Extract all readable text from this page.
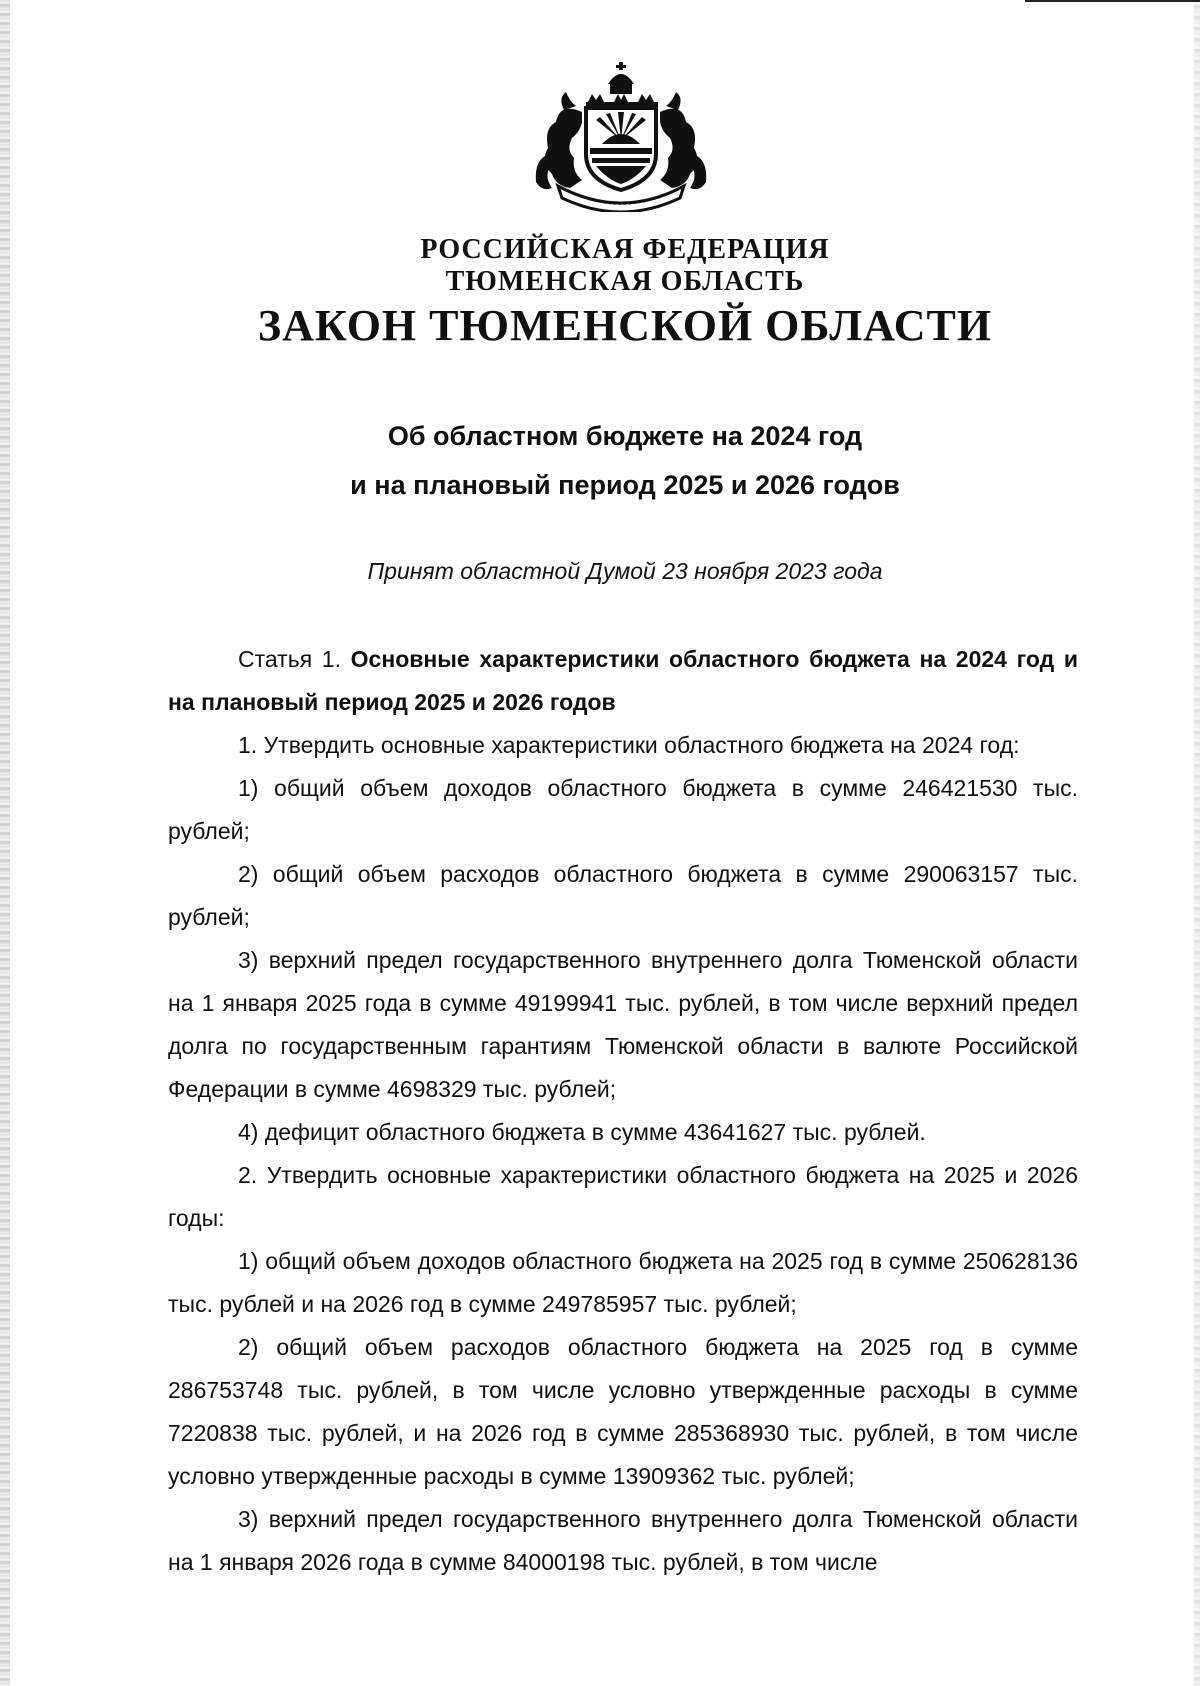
РОССИЙСКАЯ ФЕДЕРАЦИЯ
ТЮМЕНСКАЯ ОБЛАСТЬ
ЗАКОН ТЮМЕНСКОЙ ОБЛАСТИ
Об областном бюджете на 2024 год
и на плановый период 2025 и 2026 годов
Принят областной Думой 23 ноября 2023 года

Статья 1. Основные характеристики областного бюджета на 2024 год и на плановый период 2025 и 2026 годов

1. Утвердить основные характеристики областного бюджета на 2024 год:

1) общий объем доходов областного бюджета в сумме 246421530 тыс. рублей;

2) общий объем расходов областного бюджета в сумме 290063157 тыс. рублей;

3) верхний предел государственного внутреннего долга Тюменской области на 1 января 2025 года в сумме 49199941 тыс. рублей, в том числе верхний предел долга по государственным гарантиям Тюменской области в валюте Российской Федерации в сумме 4698329 тыс. рублей;

4) дефицит областного бюджета в сумме 43641627 тыс. рублей.

2. Утвердить основные характеристики областного бюджета на 2025 и 2026 годы:

1) общий объем доходов областного бюджета на 2025 год в сумме 250628136 тыс. рублей и на 2026 год в сумме 249785957 тыс. рублей;

2) общий объем расходов областного бюджета на 2025 год в сумме 286753748 тыс. рублей, в том числе условно утвержденные расходы в сумме 7220838 тыс. рублей, и на 2026 год в сумме 285368930 тыс. рублей, в том числе условно утвержденные расходы в сумме 13909362 тыс. рублей;

3) верхний предел государственного внутреннего долга Тюменской области на 1 января 2026 года в сумме 84000198 тыс. рублей, в том числе
